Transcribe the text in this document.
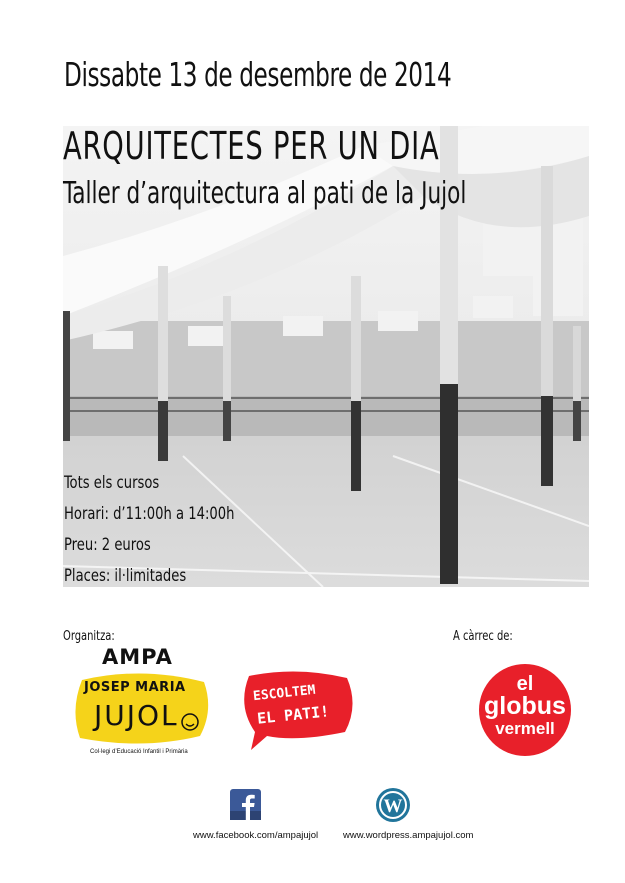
Dissabte 13 de desembre de 2014
ARQUITECTES PER UN DIA
Taller d’arquitectura al pati de la Jujol
Tots els cursos
Horari: d’11:00h a 14:00h
Preu: 2 euros
Places: il·limitades
Organitza:	A càrrec de:
AMPA
JOSEP MARIA
JUJOL
Col·legi d’Educació Infantil i Primària
ESCOLTEM
EL PATI!
el
globus
vermell
www.facebook.com/ampajujol
W
www.wordpress.ampajujol.com
